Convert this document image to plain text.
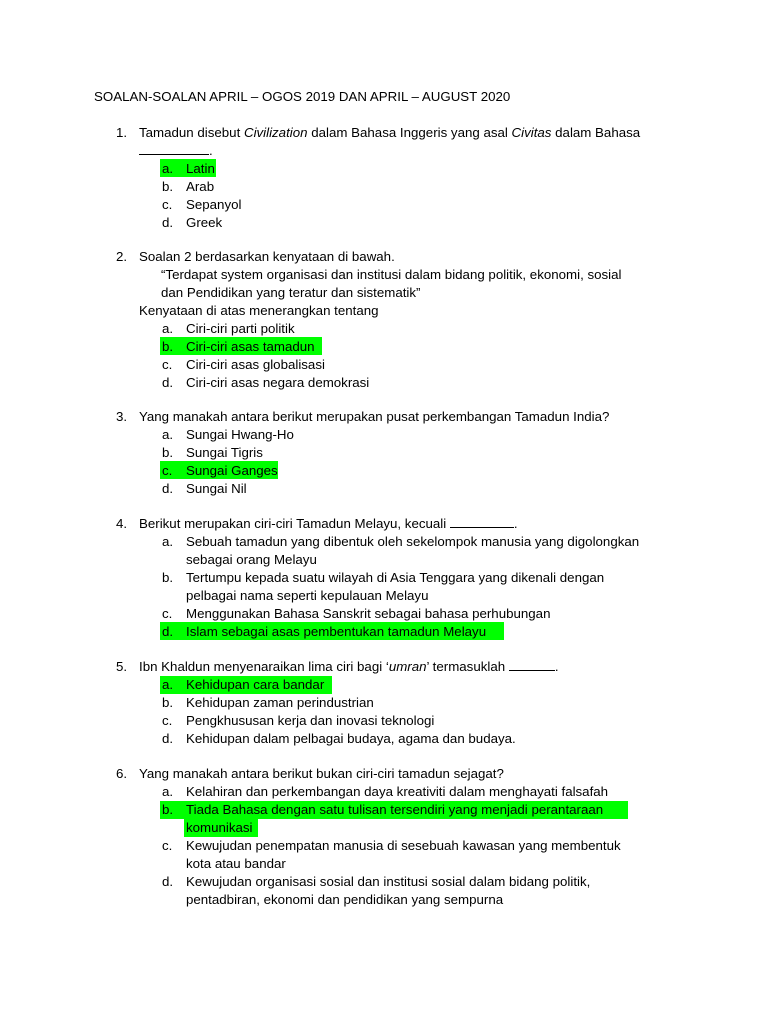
SOALAN-SOALAN APRIL – OGOS 2019 DAN APRIL – AUGUST 2020
1. Tamadun disebut Civilization dalam Bahasa Inggeris yang asal Civitas dalam Bahasa
.
a. Latin
b. Arab
c. Sepanyol
d. Greek
2. Soalan 2 berdasarkan kenyataan di bawah.
“Terdapat system organisasi dan institusi dalam bidang politik, ekonomi, sosial
dan Pendidikan yang teratur dan sistematik”
Kenyataan di atas menerangkan tentang
a. Ciri-ciri parti politik
b. Ciri-ciri asas tamadun
c. Ciri-ciri asas globalisasi
d. Ciri-ciri asas negara demokrasi
3. Yang manakah antara berikut merupakan pusat perkembangan Tamadun India?
a. Sungai Hwang-Ho
b. Sungai Tigris
c. Sungai Ganges
d. Sungai Nil
4. Berikut merupakan ciri-ciri Tamadun Melayu, kecuali	.
a. Sebuah tamadun yang dibentuk oleh sekelompok manusia yang digolongkan
sebagai orang Melayu
b. Tertumpu kepada suatu wilayah di Asia Tenggara yang dikenali dengan
pelbagai nama seperti kepulauan Melayu
c. Menggunakan Bahasa Sanskrit sebagai bahasa perhubungan
d. Islam sebagai asas pembentukan tamadun Melayu
5. Ibn Khaldun menyenaraikan lima ciri bagi ‘umran’ termasuklah	.
a. Kehidupan cara bandar
b. Kehidupan zaman perindustrian
c. Pengkhususan kerja dan inovasi teknologi
d. Kehidupan dalam pelbagai budaya, agama dan budaya.
6. Yang manakah antara berikut bukan ciri-ciri tamadun sejagat?
a. Kelahiran dan perkembangan daya kreativiti dalam menghayati falsafah
b. Tiada Bahasa dengan satu tulisan tersendiri yang menjadi perantaraan
komunikasi
c. Kewujudan penempatan manusia di sesebuah kawasan yang membentuk
kota atau bandar
d. Kewujudan organisasi sosial dan institusi sosial dalam bidang politik,
pentadbiran, ekonomi dan pendidikan yang sempurna
